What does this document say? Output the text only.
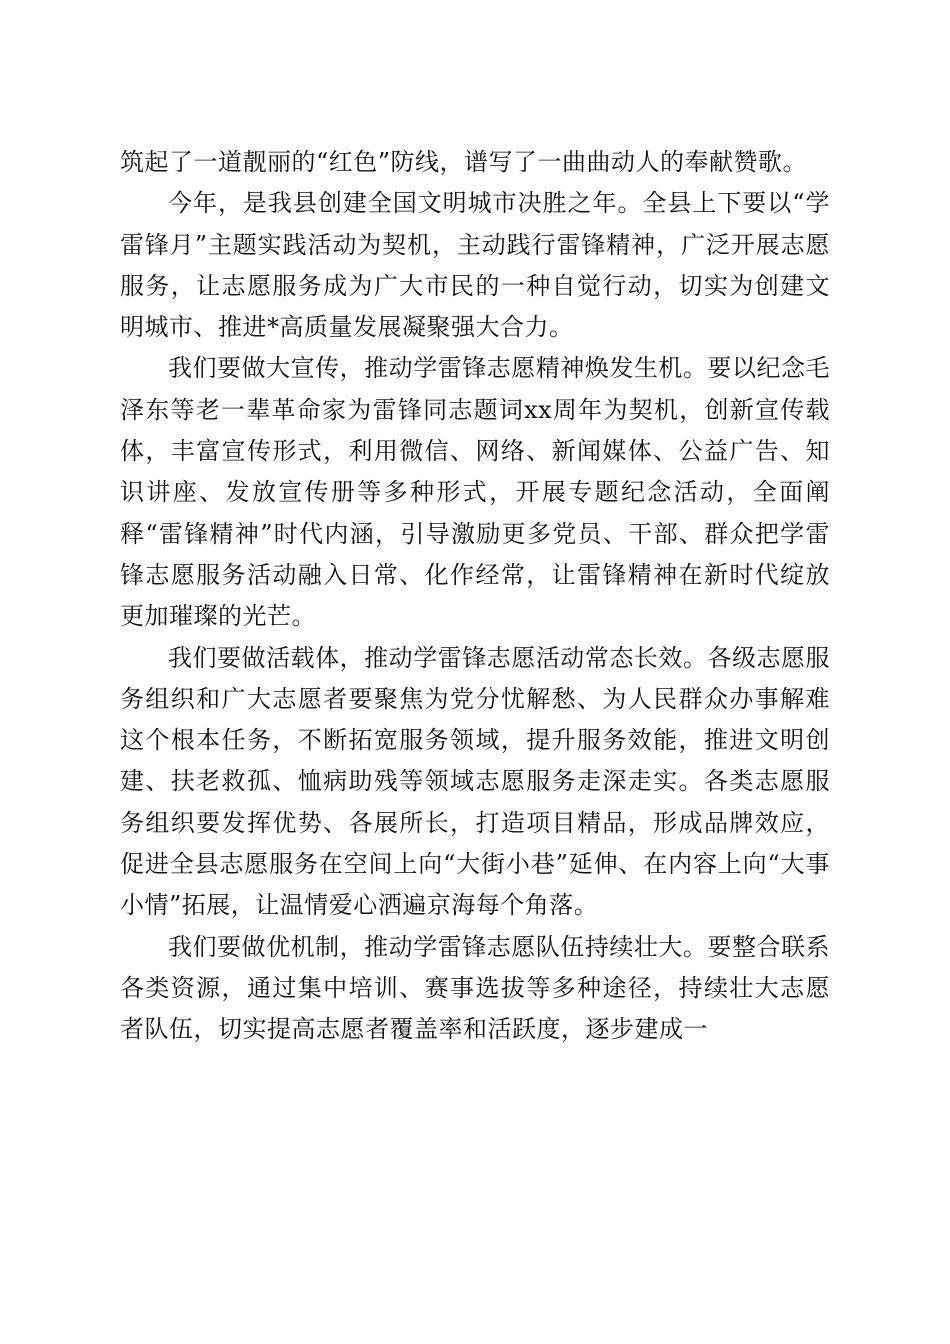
筑起了一道靓丽的“红色”防线，谱写了一曲曲动人的奉献赞歌。

今年，是我县创建全国文明城市决胜之年。全县上下要以“学雷锋月”主题实践活动为契机，主动践行雷锋精神，广泛开展志愿服务，让志愿服务成为广大市民的一种自觉行动，切实为创建文明城市、推进*高质量发展凝聚强大合力。

我们要做大宣传，推动学雷锋志愿精神焕发生机。要以纪念毛泽东等老一辈革命家为雷锋同志题词xx周年为契机，创新宣传载体，丰富宣传形式，利用微信、网络、新闻媒体、公益广告、知识讲座、发放宣传册等多种形式，开展专题纪念活动，全面阐释“雷锋精神”时代内涵，引导激励更多党员、干部、群众把学雷锋志愿服务活动融入日常、化作经常，让雷锋精神在新时代绽放更加璀璨的光芒。

我们要做活载体，推动学雷锋志愿活动常态长效。各级志愿服务组织和广大志愿者要聚焦为党分忧解愁、为人民群众办事解难这个根本任务，不断拓宽服务领域，提升服务效能，推进文明创建、扶老救孤、恤病助残等领域志愿服务走深走实。各类志愿服务组织要发挥优势、各展所长，打造项目精品，形成品牌效应，促进全县志愿服务在空间上向“大街小巷”延伸、在内容上向“大事小情”拓展，让温情爱心洒遍京海每个角落。

我们要做优机制，推动学雷锋志愿队伍持续壮大。要整合联系各类资源，通过集中培训、赛事选拔等多种途径，持续壮大志愿者队伍，切实提高志愿者覆盖率和活跃度，逐步建成一
